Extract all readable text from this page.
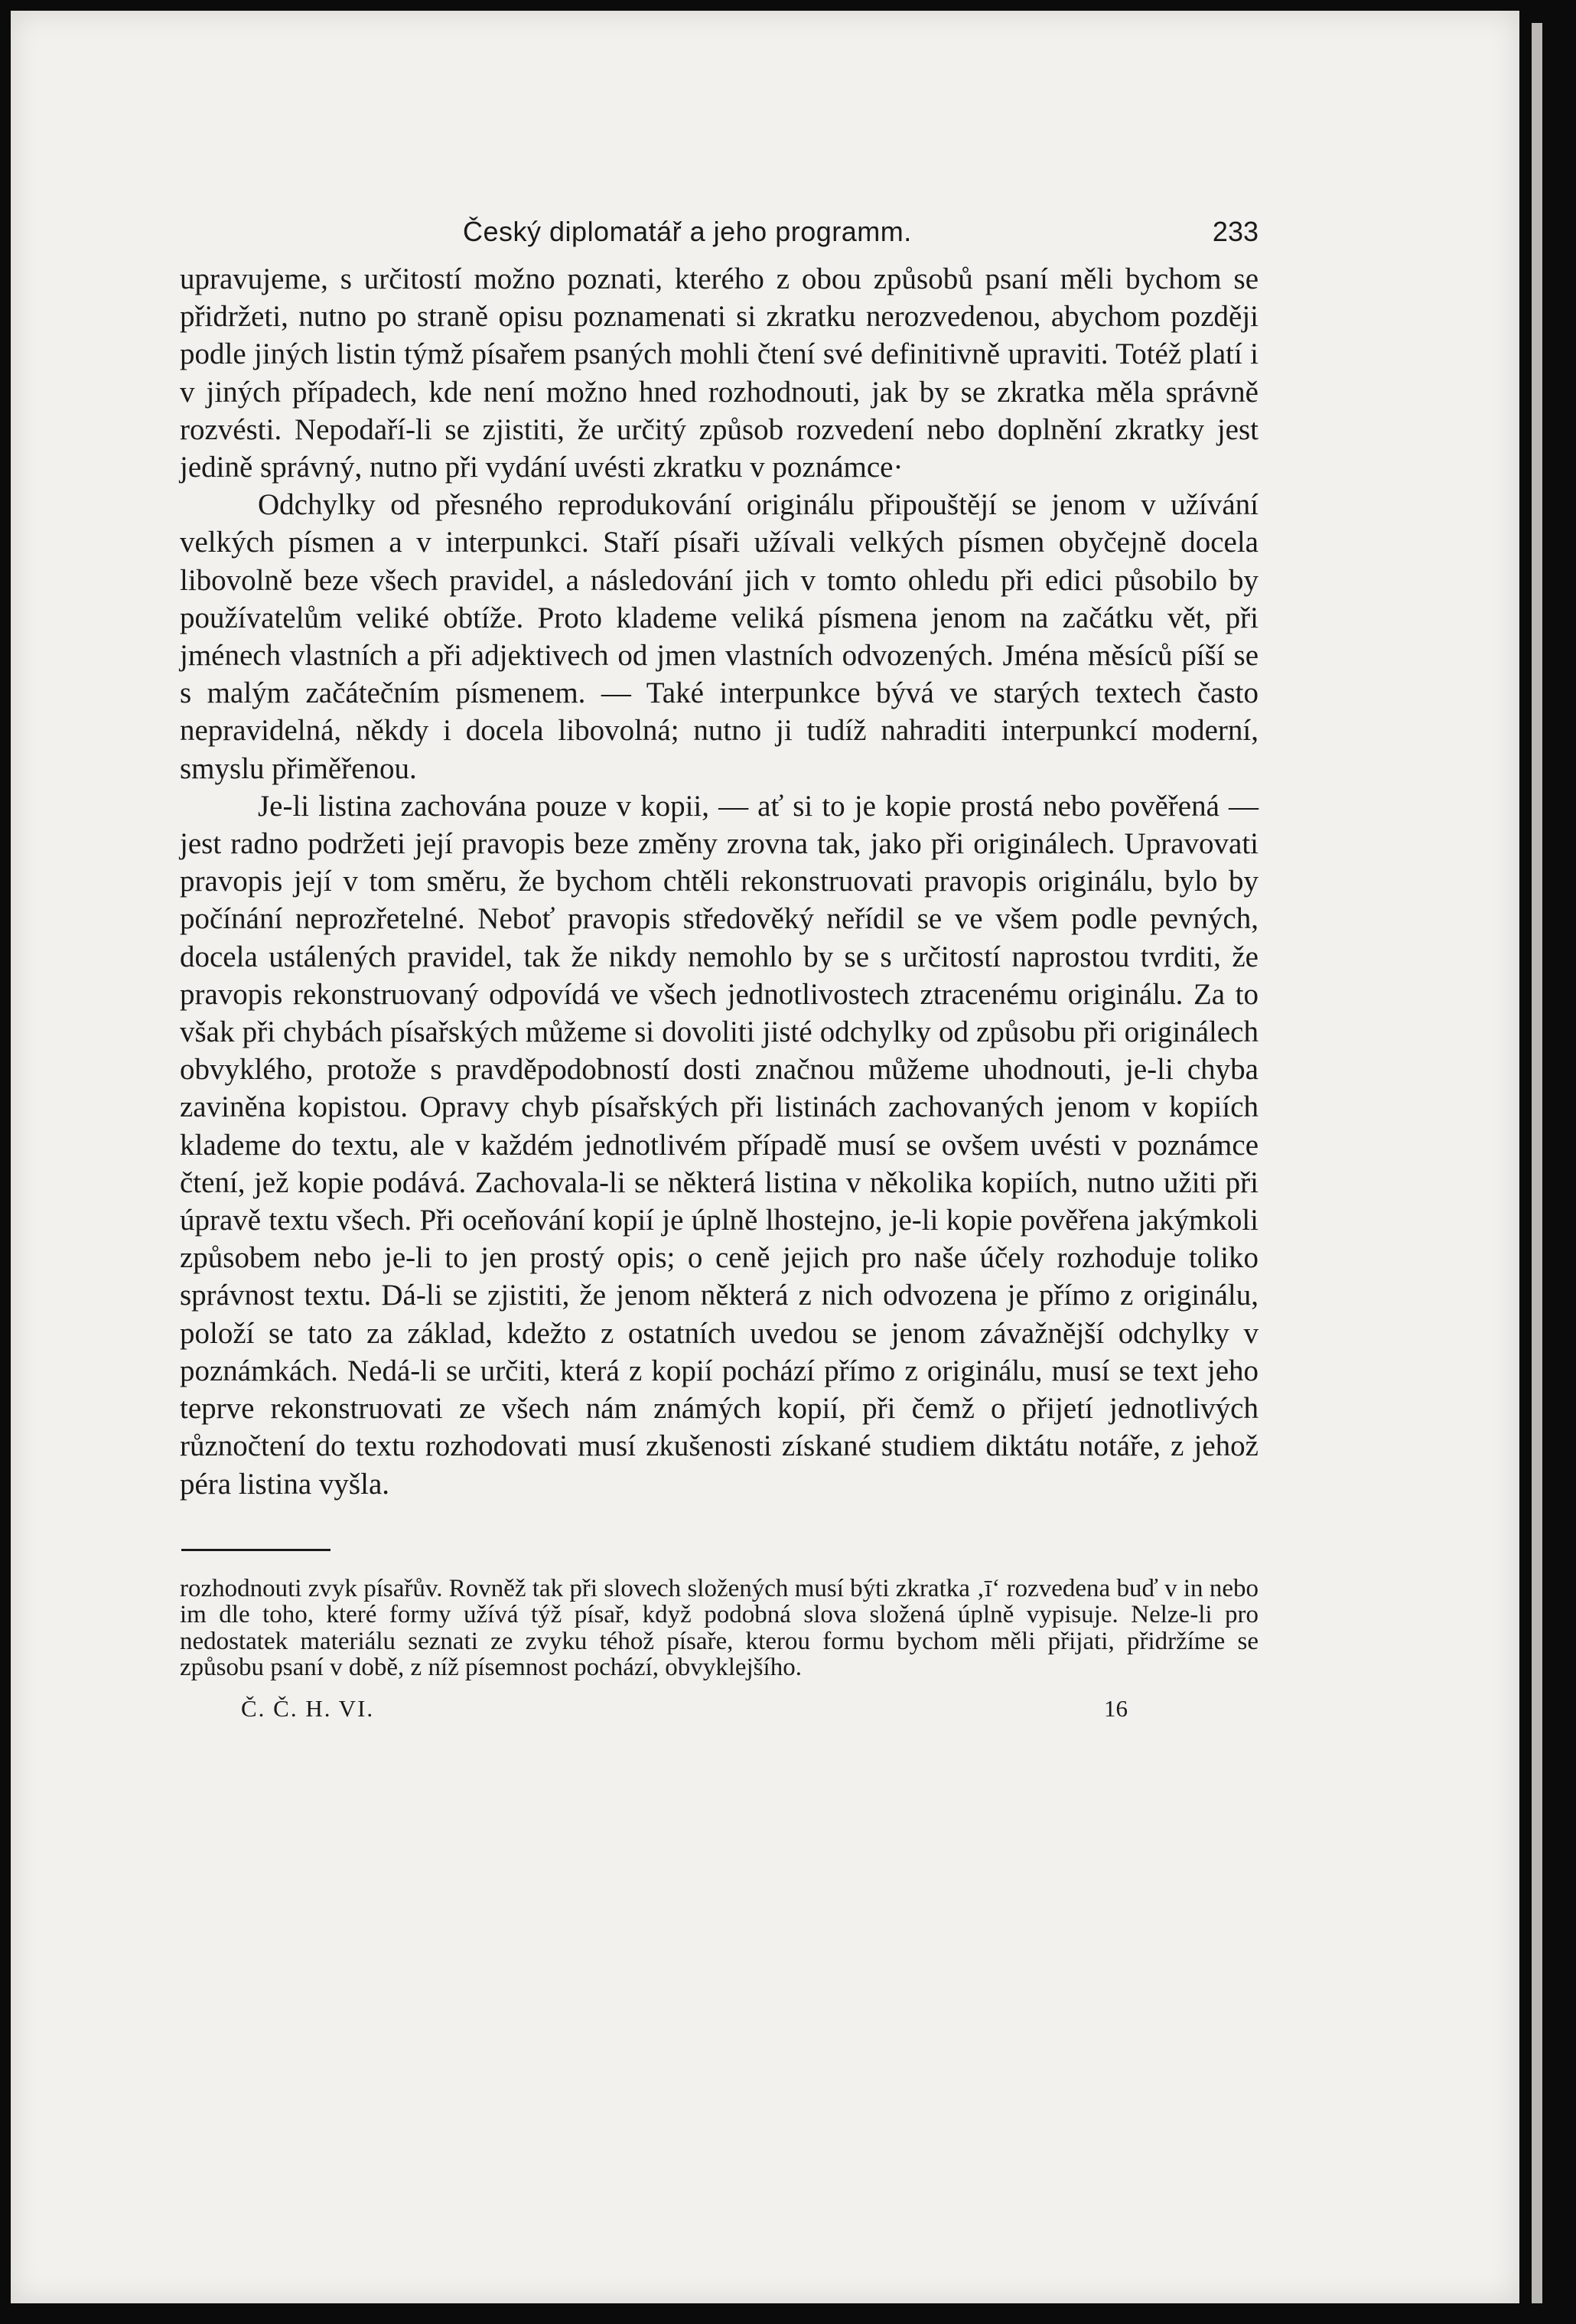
Český diplomatář a jeho programm.	233

upravujeme, s určitostí možno poznati, kterého z obou způsobů psaní měli bychom se přidržeti, nutno po straně opisu poznamenati si zkratku nerozvedenou, abychom později podle jiných listin týmž písařem psaných mohli čtení své definitivně upraviti. Totéž platí i v jiných případech, kde není možno hned rozhodnouti, jak by se zkratka měla správně rozvésti. Nepodaří-li se zjistiti, že určitý způsob rozvedení nebo doplnění zkratky jest jedině správný, nutno při vydání uvésti zkratku v poznámce·

Odchylky od přesného reprodukování originálu připouštějí se jenom v užívání velkých písmen a v interpunkci. Staří písaři užívali velkých písmen obyčejně docela libovolně beze všech pravidel, a následování jich v tomto ohledu při edici působilo by používatelům veliké obtíže. Proto klademe veliká písmena jenom na začátku vět, při jménech vlastních a při adjektivech od jmen vlastních odvozených. Jména měsíců píší se s malým začátečním písmenem. — Také interpunkce bývá ve starých textech často nepravidelná, někdy i docela libovolná; nutno ji tudíž nahraditi interpunkcí moderní, smyslu přiměřenou.

Je-li listina zachována pouze v kopii, — ať si to je kopie prostá nebo pověřená — jest radno podržeti její pravopis beze změny zrovna tak, jako při originálech. Upravovati pravopis její v tom směru, že bychom chtěli rekonstruovati pravopis originálu, bylo by počínání neprozřetelné. Neboť pravopis středověký neřídil se ve všem podle pevných, docela ustálených pravidel, tak že nikdy nemohlo by se s určitostí naprostou tvrditi, že pravopis rekonstruovaný odpovídá ve všech jednotlivostech ztracenému originálu. Za to však při chybách písařských můžeme si dovoliti jisté odchylky od způsobu při originálech obvyklého, protože s pravděpodobností dosti značnou můžeme uhodnouti, je-li chyba zaviněna kopistou. Opravy chyb písařských při listinách zachovaných jenom v kopiích klademe do textu, ale v každém jednotlivém případě musí se ovšem uvésti v poznámce čtení, jež kopie podává. Zachovala-li se některá listina v několika kopiích, nutno užiti při úpravě textu všech. Při oceňování kopií je úplně lhostejno, je-li kopie pověřena jakýmkoli způsobem nebo je-li to jen prostý opis; o ceně jejich pro naše účely rozhoduje toliko správnost textu. Dá-li se zjistiti, že jenom některá z nich odvozena je přímo z originálu, položí se tato za základ, kdežto z ostatních uvedou se jenom závažnější odchylky v poznámkách. Nedá-li se určiti, která z kopií pochází přímo z originálu, musí se text jeho teprve rekonstruovati ze všech nám známých kopií, při čemž o přijetí jednotlivých různočtení do textu rozhodovati musí zkušenosti získané studiem diktátu notáře, z jehož péra listina vyšla.

rozhodnouti zvyk písařův. Rovněž tak při slovech složených musí býti zkratka ‚ī‘ rozvedena buď v in nebo im dle toho, které formy užívá týž písař, když podobná slova složená úplně vypisuje. Nelze-li pro nedostatek materiálu seznati ze zvyku téhož písaře, kterou formu bychom měli přijati, přidržíme se způsobu psaní v době, z níž písemnost pochází, obvyklejšího.

Č. Č. H. VI.	16
